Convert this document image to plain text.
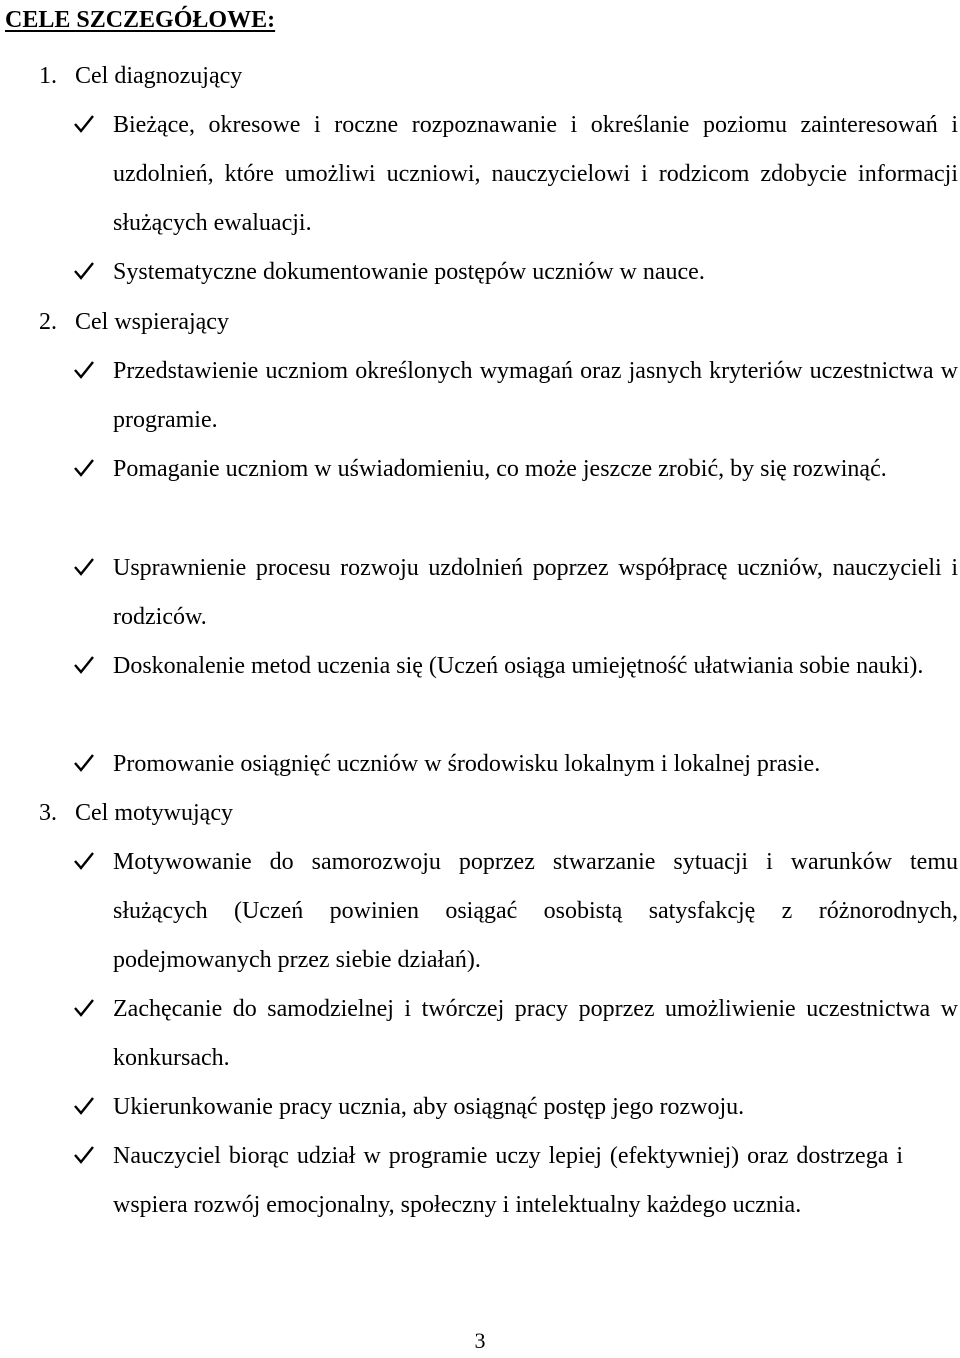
CELE SZCZEGÓŁOWE:
1. Cel diagnozujący
Bieżące, okresowe i roczne rozpoznawanie i określanie poziomu zainteresowań i uzdolnień, które umożliwi uczniowi, nauczycielowi i rodzicom zdobycie informacji służących ewaluacji.
Systematyczne dokumentowanie postępów uczniów w nauce.
2. Cel wspierający
Przedstawienie uczniom określonych wymagań oraz jasnych kryteriów uczestnictwa w programie.
Pomaganie uczniom w uświadomieniu, co może jeszcze zrobić, by się rozwinąć.
Usprawnienie procesu rozwoju uzdolnień poprzez współpracę uczniów, nauczycieli i rodziców.
Doskonalenie metod uczenia się (Uczeń osiąga umiejętność ułatwiania sobie nauki).
Promowanie osiągnięć uczniów w środowisku lokalnym i lokalnej prasie.
3. Cel motywujący
Motywowanie do samorozwoju poprzez stwarzanie sytuacji i warunków temu służących (Uczeń powinien osiągać osobistą satysfakcję z różnorodnych, podejmowanych przez siebie działań).
Zachęcanie do samodzielnej i twórczej pracy poprzez umożliwienie uczestnictwa w konkursach.
Ukierunkowanie pracy ucznia, aby osiągnąć postęp jego rozwoju.
Nauczyciel biorąc udział w programie uczy lepiej (efektywniej) oraz dostrzega i wspiera rozwój emocjonalny, społeczny i intelektualny każdego ucznia.
3
